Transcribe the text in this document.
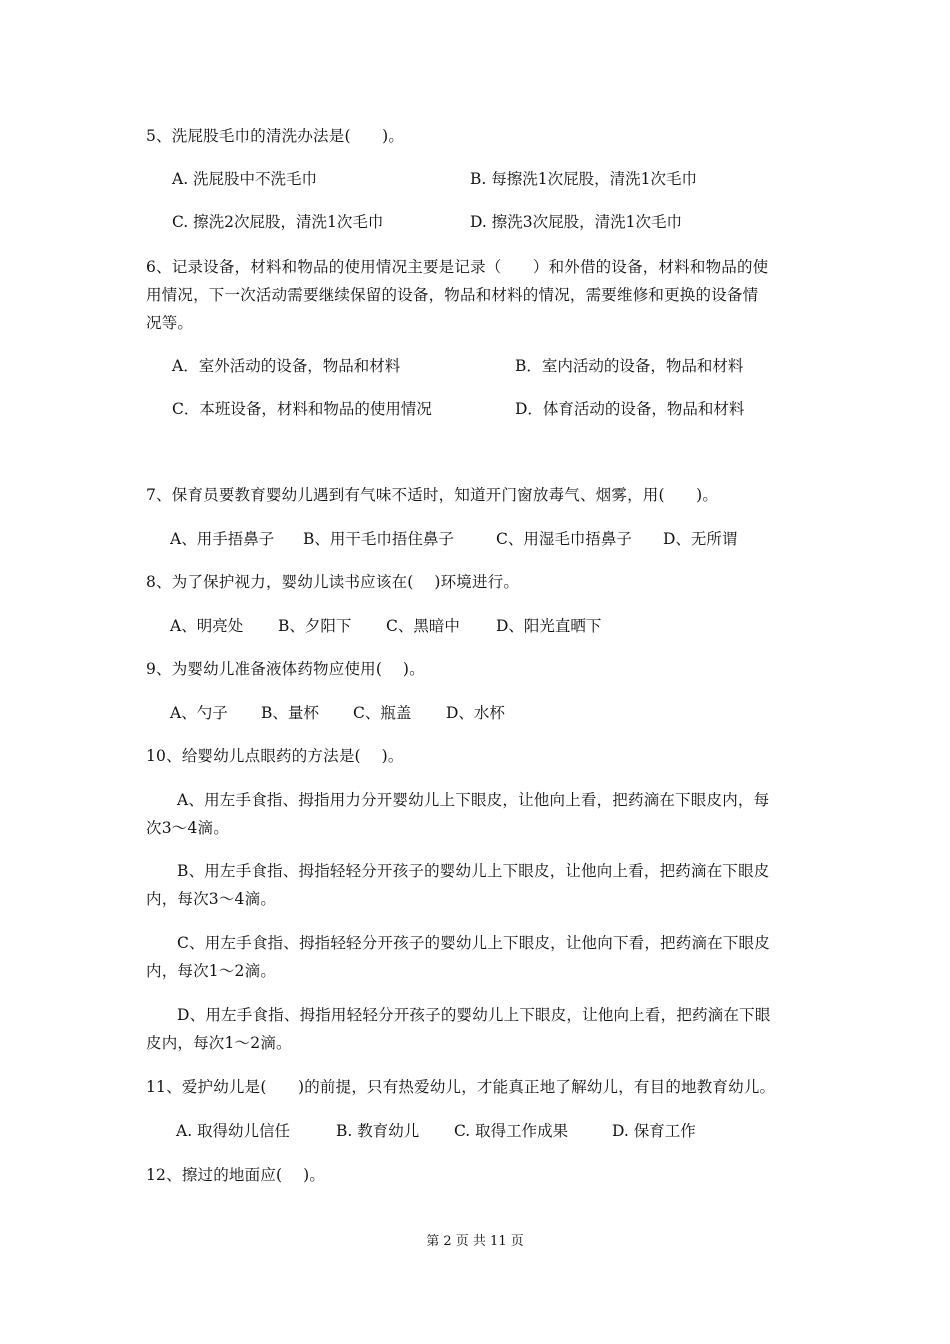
5、洗屁股毛巾的清洗办法是(　　)。
A. 洗屁股中不洗毛巾	B. 每擦洗1次屁股，清洗1次毛巾
C. 擦洗2次屁股，清洗1次毛巾	D. 擦洗3次屁股，清洗1次毛巾
6、记录设备，材料和物品的使用情况主要是记录（　　）和外借的设备，材料和物品的使
用情况，下一次活动需要继续保留的设备，物品和材料的情况，需要维修和更换的设备情
况等。
A．室外活动的设备，物品和材料	B．室内活动的设备，物品和材料
C．本班设备，材料和物品的使用情况	D．体育活动的设备，物品和材料
7、保育员要教育婴幼儿遇到有气味不适时，知道开门窗放毒气、烟雾，用(　　)。
A、用手捂鼻子 B、用干毛巾捂住鼻子	C、用湿毛巾捂鼻子 D、无所谓
8、为了保护视力，婴幼儿读书应该在(　 )环境进行。
A、明亮处 B、夕阳下 C、黑暗中 D、阳光直晒下
9、为婴幼儿准备液体药物应使用(　 )。
A、勺子 B、量杯 C、瓶盖 D、水杯
10、给婴幼儿点眼药的方法是(　 )。
A、用左手食指、拇指用力分开婴幼儿上下眼皮，让他向上看，把药滴在下眼皮内，每
次3～4滴。
B、用左手食指、拇指轻轻分开孩子的婴幼儿上下眼皮，让他向上看，把药滴在下眼皮
内，每次3～4滴。
C、用左手食指、拇指轻轻分开孩子的婴幼儿上下眼皮，让他向下看，把药滴在下眼皮
内，每次1～2滴。
D、用左手食指、拇指用轻轻分开孩子的婴幼儿上下眼皮，让他向上看，把药滴在下眼
皮内，每次1～2滴。
11、爱护幼儿是(　　)的前提，只有热爱幼儿，才能真正地了解幼儿，有目的地教育幼儿。
A. 取得幼儿信任	B. 教育幼儿 C. 取得工作成果	D. 保育工作
12、擦过的地面应(　 )。
第 2 页 共 11 页
